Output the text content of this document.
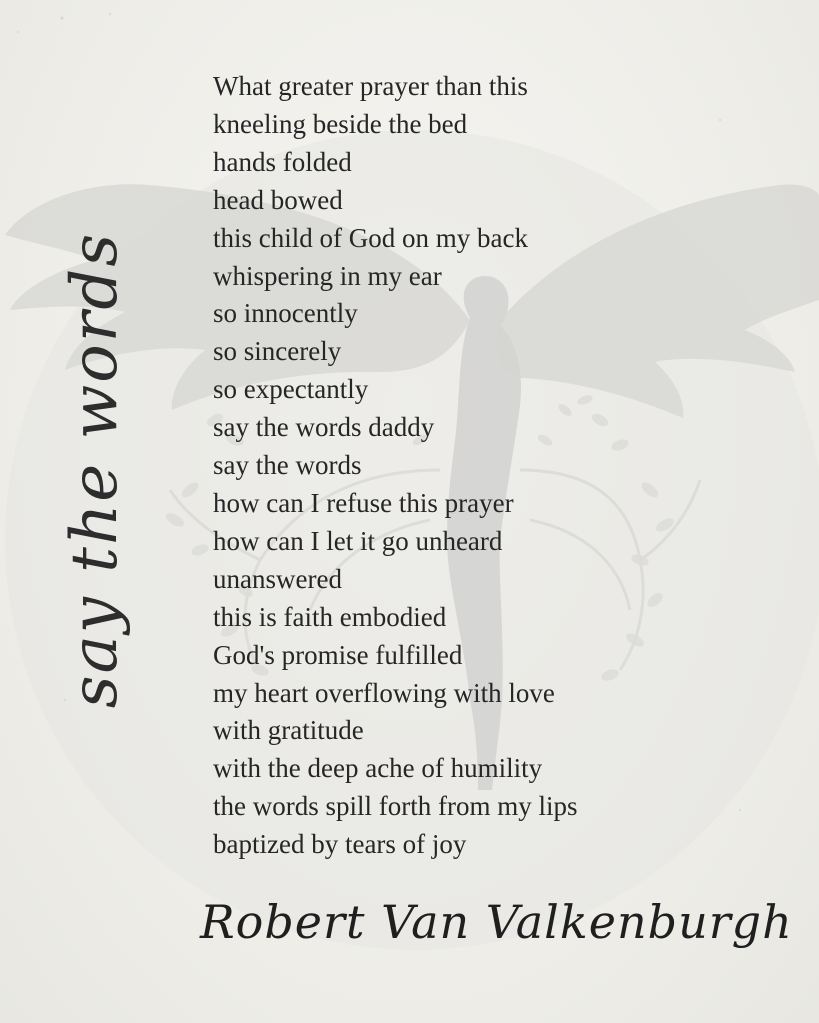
say the words
What greater prayer than this
kneeling beside the bed
hands folded
head bowed
this child of God on my back
whispering in my ear
so innocently
so sincerely
so expectantly
say the words daddy
say the words
how can I refuse this prayer
how can I let it go unheard
unanswered
this is faith embodied
God's promise fulfilled
my heart overflowing with love
with gratitude
with the deep ache of humility
the words spill forth from my lips
baptized by tears of joy
Robert Van Valkenburgh
